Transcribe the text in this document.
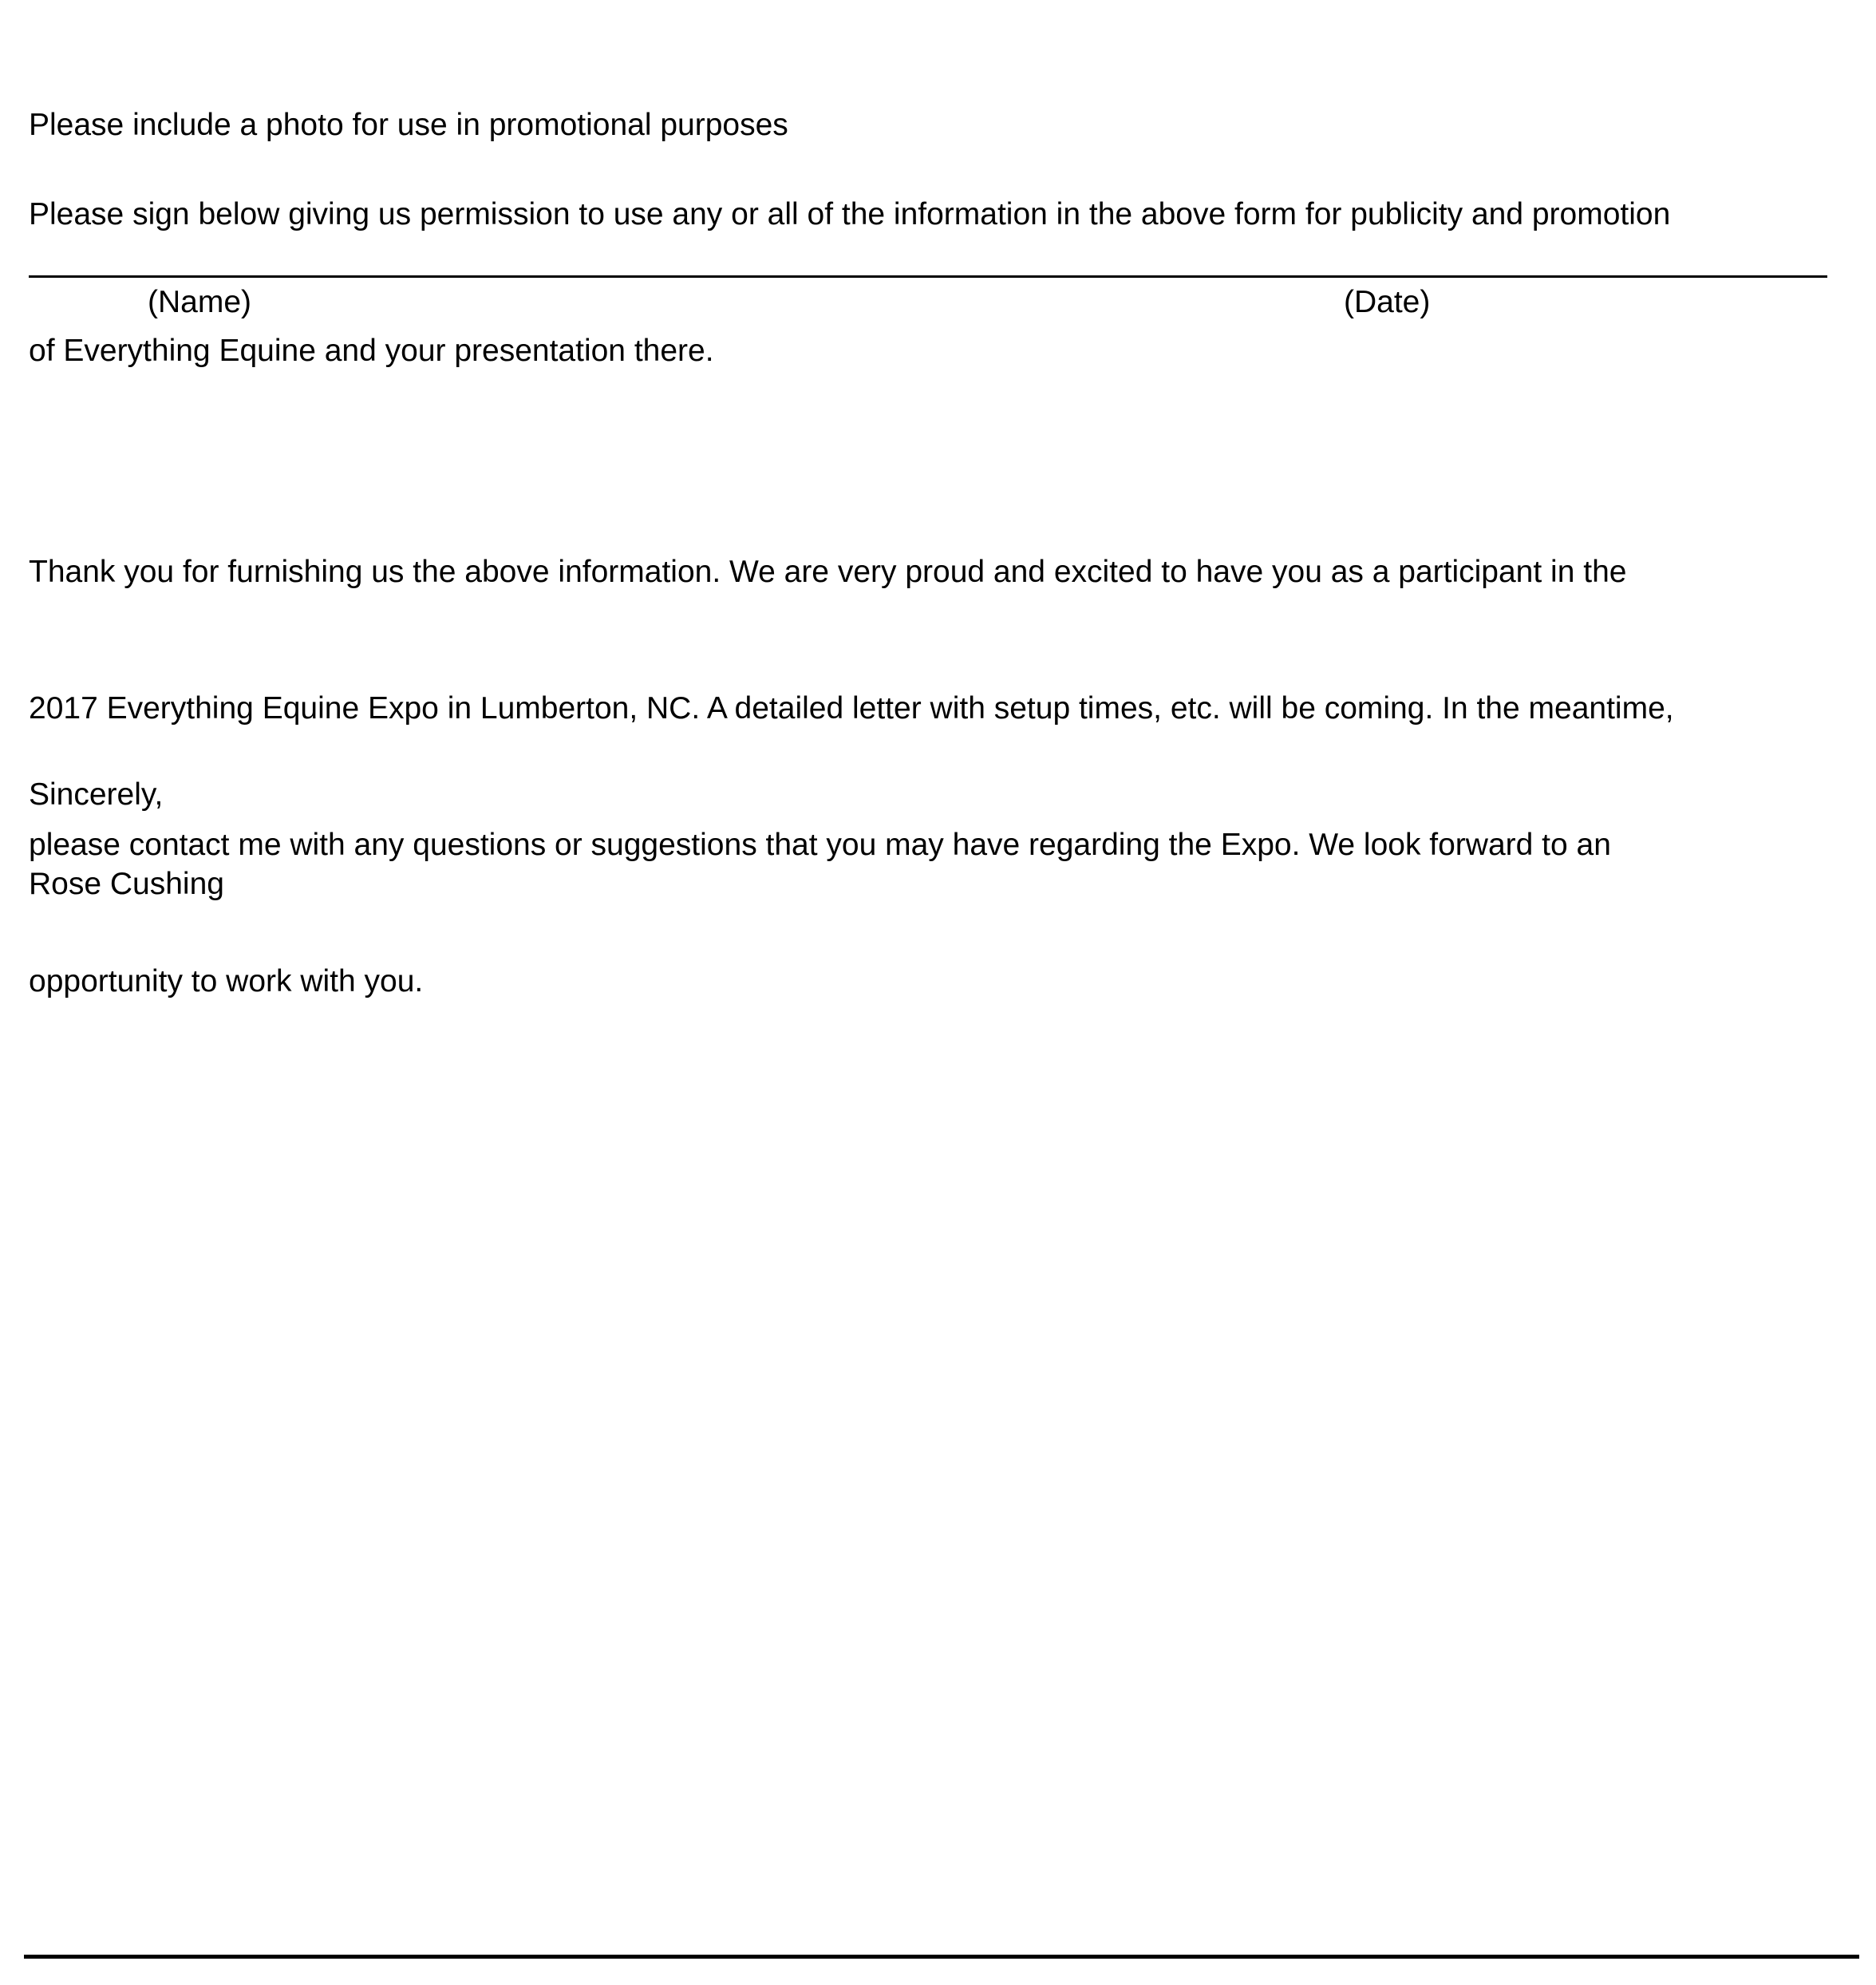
Please include a photo for use in promotional purposes

Please sign below giving us permission to use any or all of the information in the above form for publicity and promotion

of Everything Equine and your presentation there.

(Name)	(Date)

Thank you for furnishing us the above information. We are very proud and excited to have you as a participant in the

2017 Everything Equine Expo in Lumberton, NC. A detailed letter with setup times, etc. will be coming. In the meantime,

please contact me with any questions or suggestions that you may have regarding the Expo. We look forward to an

opportunity to work with you.

Sincerely,

Rose Cushing
